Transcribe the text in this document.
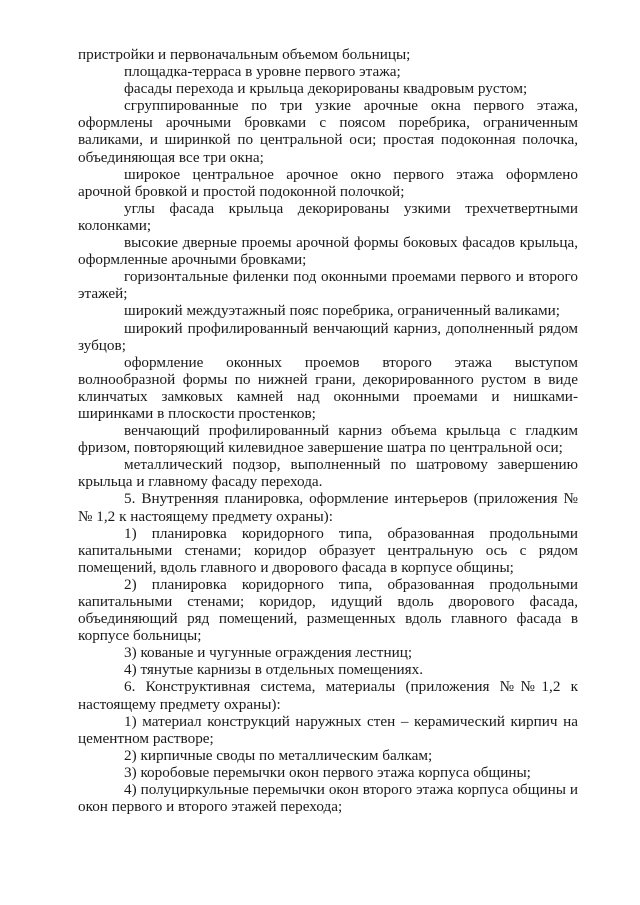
пристройки и первоначальным объемом больницы;

площадка-терраса в уровне первого этажа;

фасады перехода и крыльца декорированы квадровым рустом;

сгруппированные по три узкие арочные окна первого этажа, оформлены арочными бровками с поясом поребрика, ограниченным валиками, и ширинкой по центральной оси; простая подоконная полочка, объединяющая все три окна;

широкое центральное арочное окно первого этажа оформлено арочной бровкой и простой подоконной полочкой;

углы фасада крыльца декорированы узкими трехчетвертными колонками;

высокие дверные проемы арочной формы боковых фасадов крыльца, оформленные арочными бровками;

горизонтальные филенки под оконными проемами первого и второго этажей;

широкий междуэтажный пояс поребрика, ограниченный валиками;

широкий профилированный венчающий карниз, дополненный рядом зубцов;

оформление оконных проемов второго этажа выступом волнообразной формы по нижней грани, декорированного рустом в виде клинчатых замковых камней над оконными проемами и нишками-ширинками в плоскости простенков;

венчающий профилированный карниз объема крыльца с гладким фризом, повторяющий килевидное завершение шатра по центральной оси;

металлический подзор, выполненный по шатровому завершению крыльца и главному фасаду перехода.

5. Внутренняя планировка, оформление интерьеров (приложения №№ 1,2 к настоящему предмету охраны):

1) планировка коридорного типа, образованная продольными капитальными стенами; коридор образует центральную ось с рядом помещений, вдоль главного и дворового фасада в корпусе общины;

2) планировка коридорного типа, образованная продольными капитальными стенами; коридор, идущий вдоль дворового фасада, объединяющий ряд помещений, размещенных вдоль главного фасада в корпусе больницы;

3) кованые и чугунные ограждения лестниц;

4) тянутые карнизы в отдельных помещениях.

6. Конструктивная система, материалы (приложения №№1,2 к настоящему предмету охраны):

1) материал конструкций наружных стен – керамический кирпич на цементном растворе;

2) кирпичные своды по металлическим балкам;

3) коробовые перемычки окон первого этажа корпуса общины;

4) полуциркульные перемычки окон второго этажа корпуса общины и окон первого и второго этажей перехода;
